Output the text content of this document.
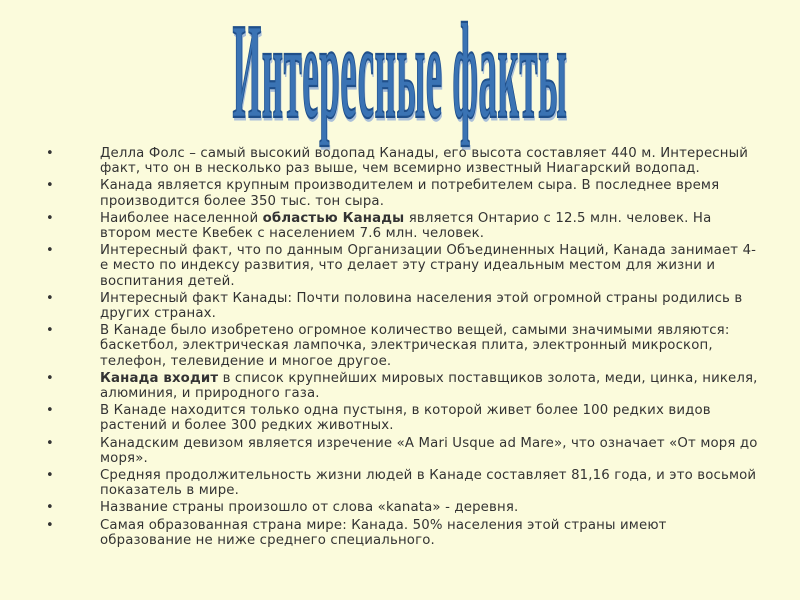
Интересные факты
•	Делла Фолс – самый высокий водопад Канады, его высота составляет 440 м. Интересный факт, что он в несколько раз выше, чем всемирно известный Ниагарский водопад.
•	Канада является крупным производителем и потребителем сыра. В последнее время производится более 350 тыс. тон сыра.
•	Наиболее населенной областью Канады является Онтарио с 12.5 млн. человек. На втором месте Квебек с населением 7.6 млн. человек.
•	Интересный факт, что по данным Организации Объединенных Наций, Канада занимает 4-е место по индексу развития, что делает эту страну идеальным местом для жизни и воспитания детей.
•	Интересный факт Канады: Почти половина населения этой огромной страны родились в других странах.
•	В Канаде было изобретено огромное количество вещей, самыми значимыми являются: баскетбол, электрическая лампочка, электрическая плита, электронный микроскоп, телефон, телевидение и многое другое.
•	Канада входит в список крупнейших мировых поставщиков золота, меди, цинка, никеля, алюминия, и природного газа.
•	В Канаде находится только одна пустыня, в которой живет более 100 редких видов растений и более 300 редких животных.
•	Канадским девизом является изречение «A Mari Usque ad Mare», что означает «От моря до моря».
•	Средняя продолжительность жизни людей в Канаде составляет 81,16 года, и это восьмой показатель в мире.
•	Название страны произошло от слова «kanata» - деревня.
•	Самая образованная страна мире: Канада. 50% населения этой страны имеют образование не ниже среднего специального.
